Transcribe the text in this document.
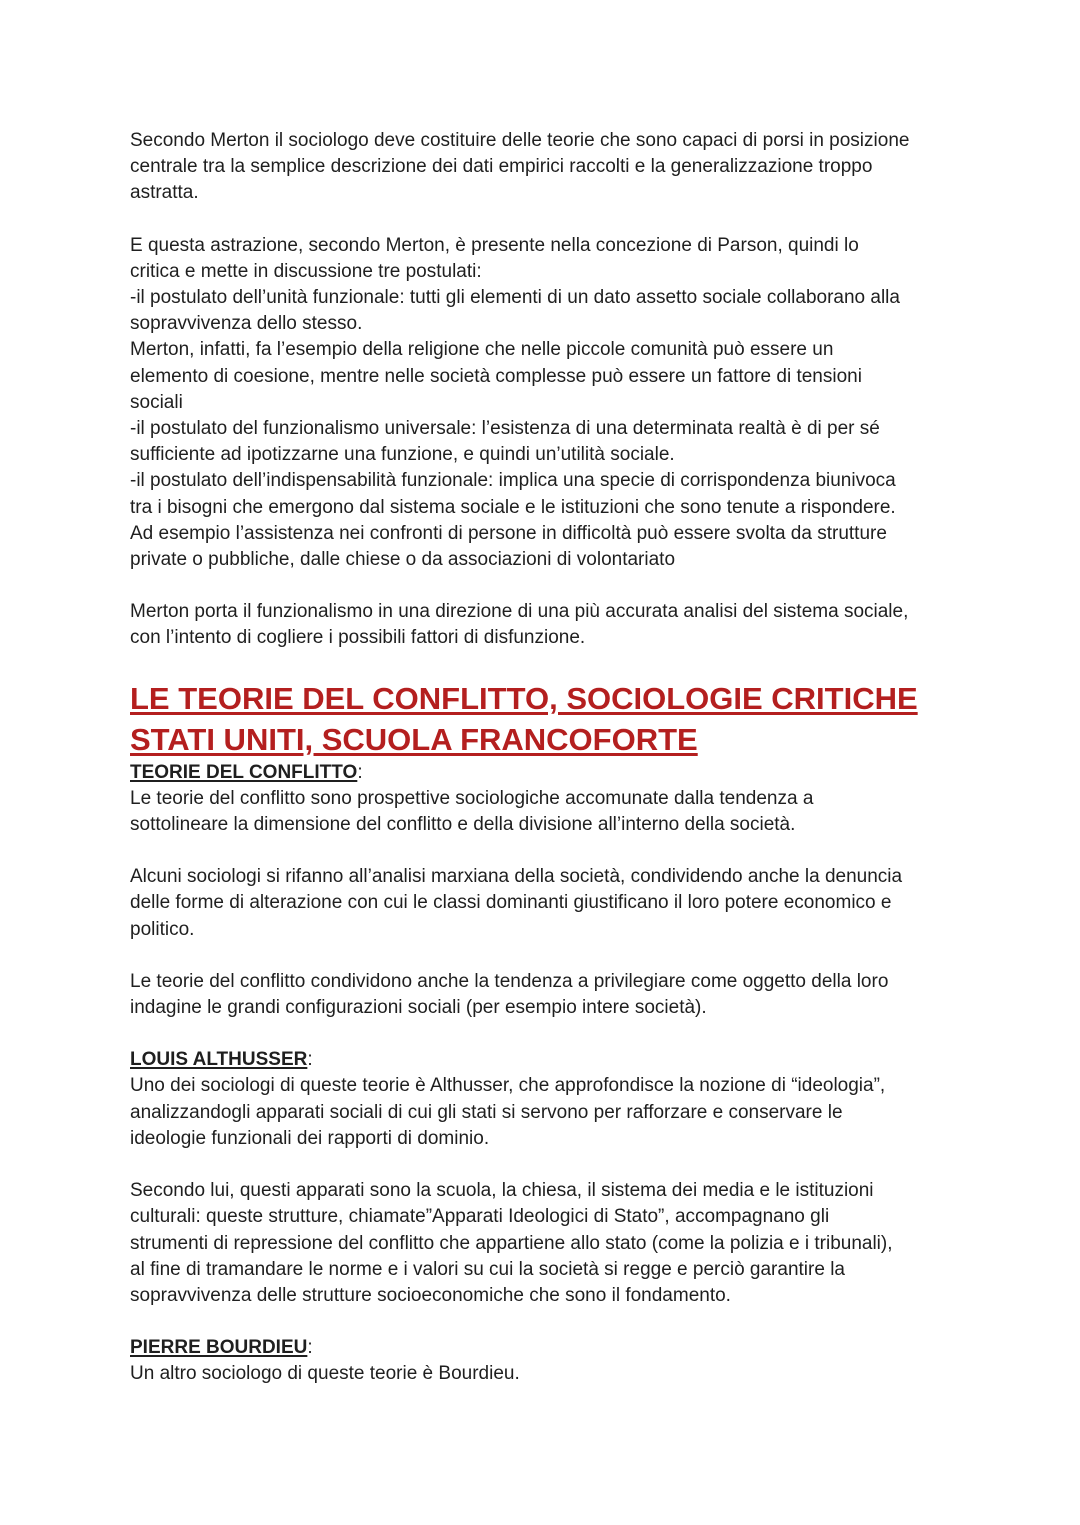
Secondo Merton il sociologo deve costituire delle teorie che sono capaci di porsi in posizione
centrale tra la semplice descrizione dei dati empirici raccolti e la generalizzazione troppo
astratta.

E questa astrazione, secondo Merton, è presente nella concezione di Parson, quindi lo
critica e mette in discussione tre postulati:
-il postulato dell’unità funzionale: tutti gli elementi di un dato assetto sociale collaborano alla
sopravvivenza dello stesso.
Merton, infatti, fa l’esempio della religione che nelle piccole comunità può essere un
elemento di coesione, mentre nelle società complesse può essere un fattore di tensioni
sociali
-il postulato del funzionalismo universale: l’esistenza di una determinata realtà è di per sé
sufficiente ad ipotizzarne una funzione, e quindi un’utilità sociale.
-il postulato dell’indispensabilità funzionale: implica una specie di corrispondenza biunivoca
tra i bisogni che emergono dal sistema sociale e le istituzioni che sono tenute a rispondere.
Ad esempio l’assistenza nei confronti di persone in difficoltà può essere svolta da strutture
private o pubbliche, dalle chiese o da associazioni di volontariato

Merton porta il funzionalismo in una direzione di una più accurata analisi del sistema sociale,
con l’intento di cogliere i possibili fattori di disfunzione.

LE TEORIE DEL CONFLITTO, SOCIOLOGIE CRITICHE
STATI UNITI, SCUOLA FRANCOFORTE

TEORIE DEL CONFLITTO:
Le teorie del conflitto sono prospettive sociologiche accomunate dalla tendenza a
sottolineare la dimensione del conflitto e della divisione all’interno della società.

Alcuni sociologi si rifanno all’analisi marxiana della società, condividendo anche la denuncia
delle forme di alterazione con cui le classi dominanti giustificano il loro potere economico e
politico.

Le teorie del conflitto condividono anche la tendenza a privilegiare come oggetto della loro
indagine le grandi configurazioni sociali (per esempio intere società).

LOUIS ALTHUSSER:
Uno dei sociologi di queste teorie è Althusser, che approfondisce la nozione di “ideologia”,
analizzandogli apparati sociali di cui gli stati si servono per rafforzare e conservare le
ideologie funzionali dei rapporti di dominio.

Secondo lui, questi apparati sono la scuola, la chiesa, il sistema dei media e le istituzioni
culturali: queste strutture, chiamate”Apparati Ideologici di Stato”, accompagnano gli
strumenti di repressione del conflitto che appartiene allo stato (come la polizia e i tribunali),
al fine di tramandare le norme e i valori su cui la società si regge e perciò garantire la
sopravvivenza delle strutture socioeconomiche che sono il fondamento.

PIERRE BOURDIEU:
Un altro sociologo di queste teorie è Bourdieu.
